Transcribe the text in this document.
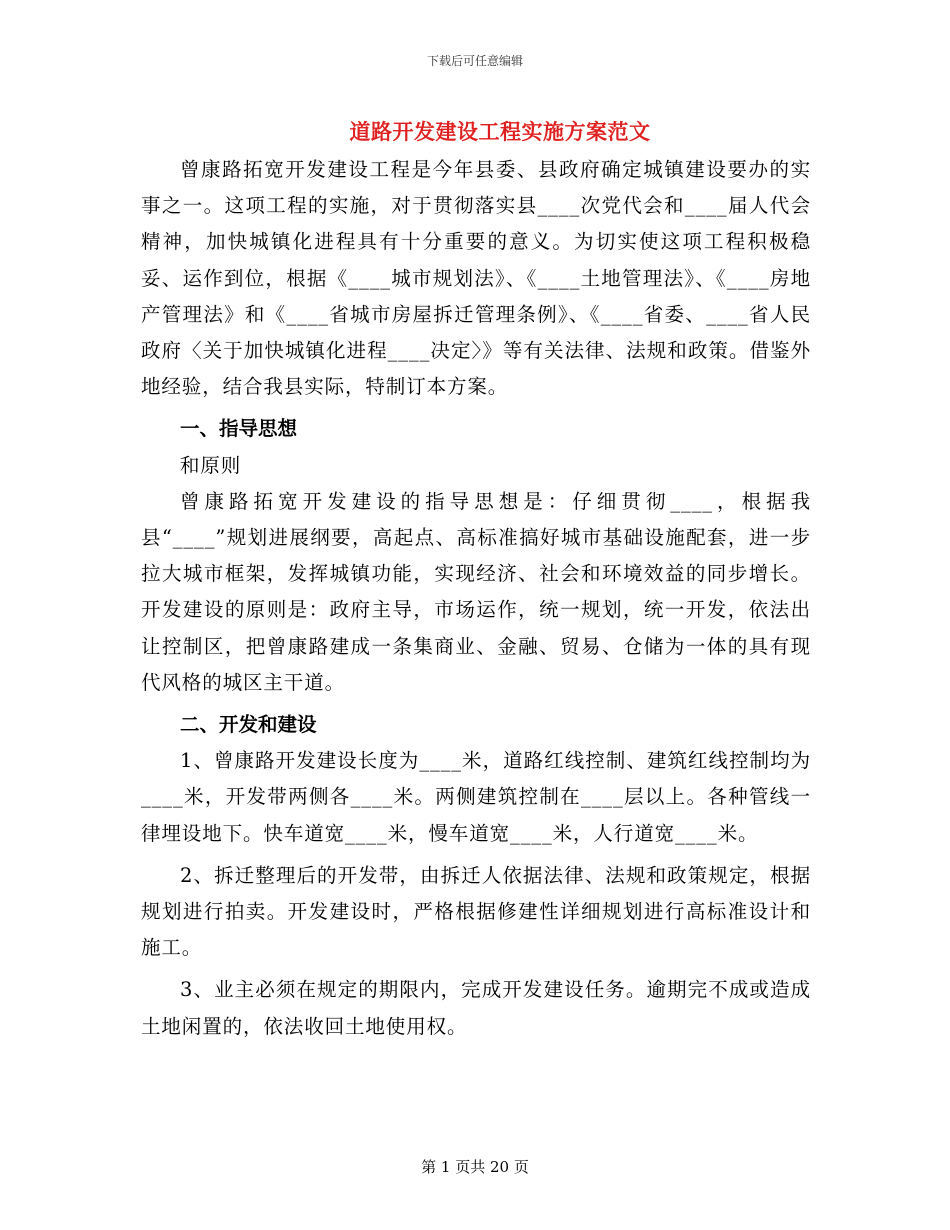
下载后可任意编辑
道路开发建设工程实施方案范文

曾康路拓宽开发建设工程是今年县委、县政府确定城镇建设要办的实事之一。这项工程的实施，对于贯彻落实县____次党代会和____届人代会精神，加快城镇化进程具有十分重要的意义。为切实使这项工程积极稳妥、运作到位，根据《____城市规划法》、《____土地管理法》、《____房地产管理法》和《____省城市房屋拆迁管理条例》、《____省委、____省人民政府〈关于加快城镇化进程____决定〉》等有关法律、法规和政策。借鉴外地经验，结合我县实际，特制订本方案。

一、指导思想

和原则

曾康路拓宽开发建设的指导思想是：仔细贯彻____，根据我县“____”规划进展纲要，高起点、高标准搞好城市基础设施配套，进一步拉大城市框架，发挥城镇功能，实现经济、社会和环境效益的同步增长。开发建设的原则是：政府主导，市场运作，统一规划，统一开发，依法出让控制区，把曾康路建成一条集商业、金融、贸易、仓储为一体的具有现代风格的城区主干道。

二、开发和建设

1、曾康路开发建设长度为____米，道路红线控制、建筑红线控制均为____米，开发带两侧各____米。两侧建筑控制在____层以上。各种管线一律埋设地下。快车道宽____米，慢车道宽____米，人行道宽____米。

2、拆迁整理后的开发带，由拆迁人依据法律、法规和政策规定，根据规划进行拍卖。开发建设时，严格根据修建性详细规划进行高标准设计和施工。

3、业主必须在规定的期限内，完成开发建设任务。逾期完不成或造成土地闲置的，依法收回土地使用权。

第 1 页共 20 页
